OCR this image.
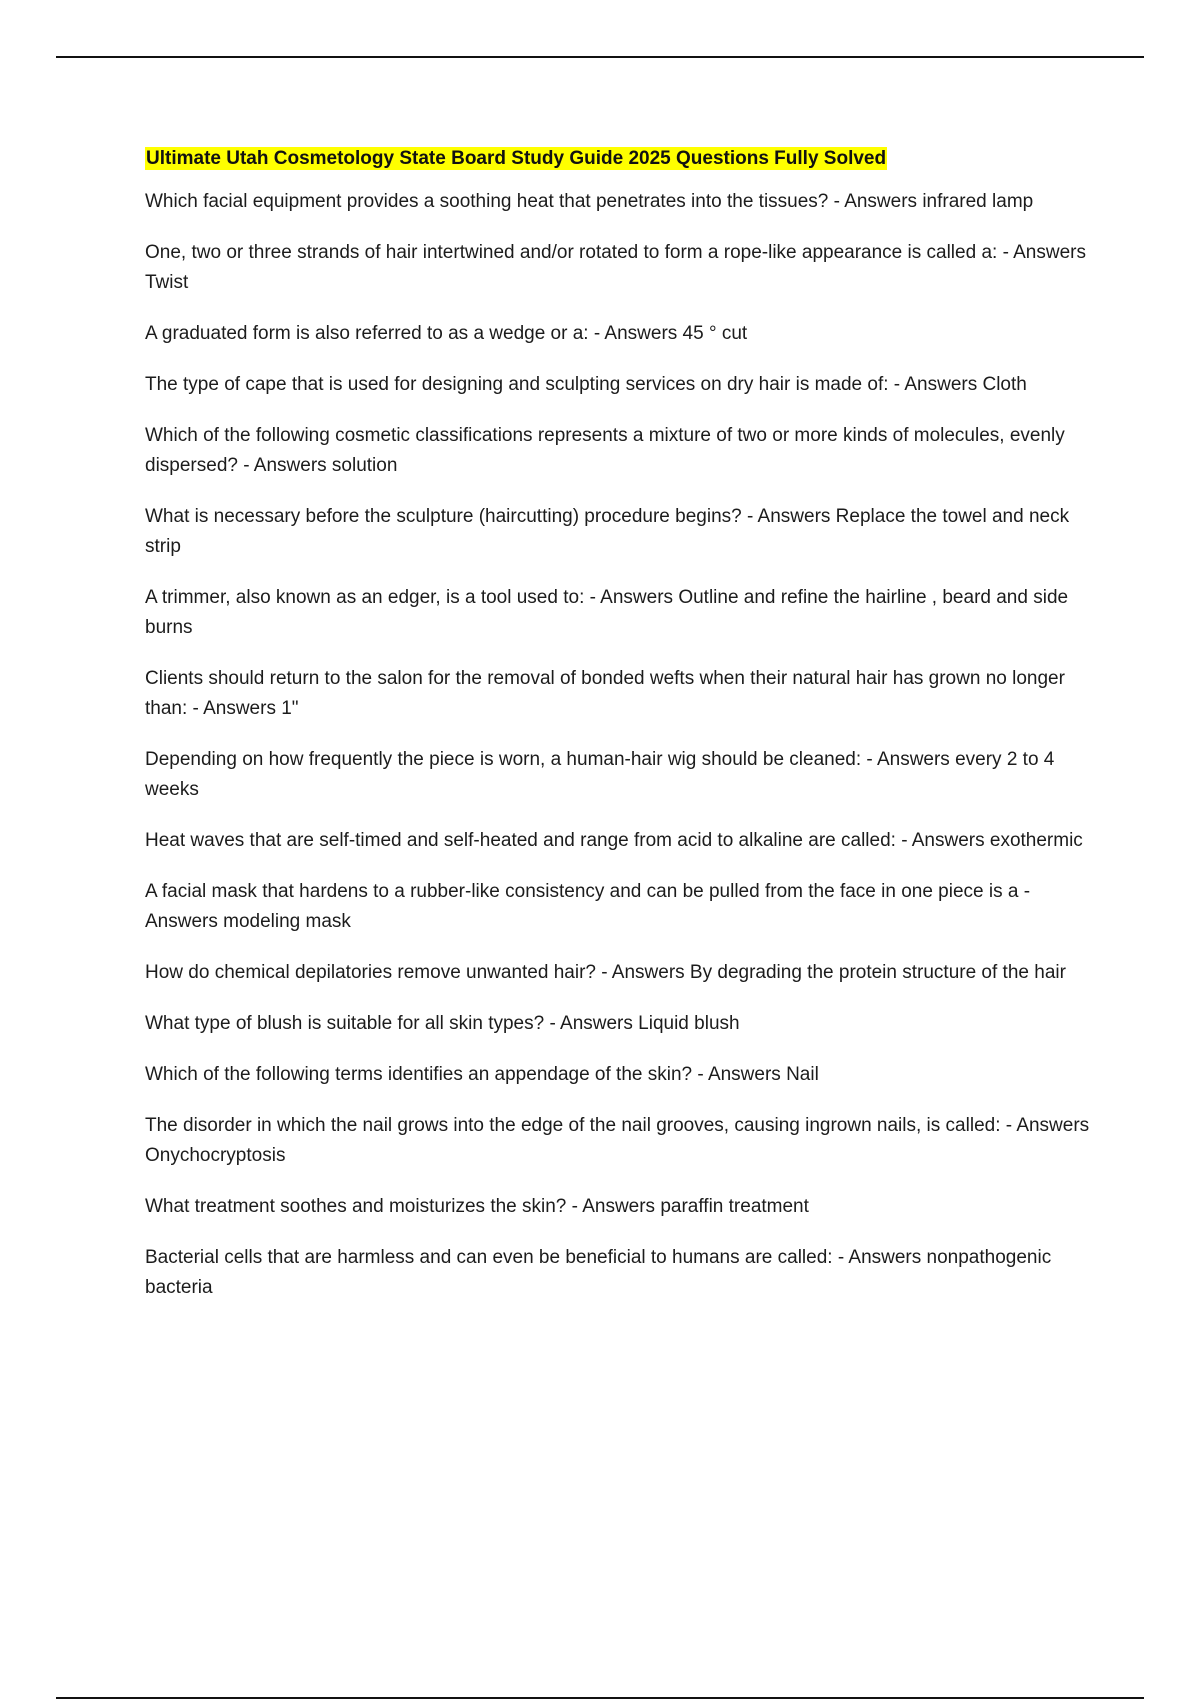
Ultimate Utah Cosmetology State Board Study Guide 2025 Questions Fully Solved

Which facial equipment provides a soothing heat that penetrates into the tissues? - Answers infrared lamp

One, two or three strands of hair intertwined and/or rotated to form a rope-like appearance is called a: - Answers Twist

A graduated form is also referred to as a wedge or a: - Answers 45 ° cut

The type of cape that is used for designing and sculpting services on dry hair is made of: - Answers Cloth

Which of the following cosmetic classifications represents a mixture of two or more kinds of molecules, evenly dispersed? - Answers solution

What is necessary before the sculpture (haircutting) procedure begins? - Answers Replace the towel and neck strip

A trimmer, also known as an edger, is a tool used to: - Answers Outline and refine the hairline , beard and side burns

Clients should return to the salon for the removal of bonded wefts when their natural hair has grown no longer than: - Answers 1"

Depending on how frequently the piece is worn, a human-hair wig should be cleaned: - Answers every 2 to 4 weeks

Heat waves that are self-timed and self-heated and range from acid to alkaline are called: - Answers exothermic

A facial mask that hardens to a rubber-like consistency and can be pulled from the face in one piece is a - Answers modeling mask

How do chemical depilatories remove unwanted hair? - Answers By degrading the protein structure of the hair

What type of blush is suitable for all skin types? - Answers Liquid blush

Which of the following terms identifies an appendage of the skin? - Answers Nail

The disorder in which the nail grows into the edge of the nail grooves, causing ingrown nails, is called: - Answers Onychocryptosis

What treatment soothes and moisturizes the skin? - Answers paraffin treatment

Bacterial cells that are harmless and can even be beneficial to humans are called: - Answers nonpathogenic bacteria
